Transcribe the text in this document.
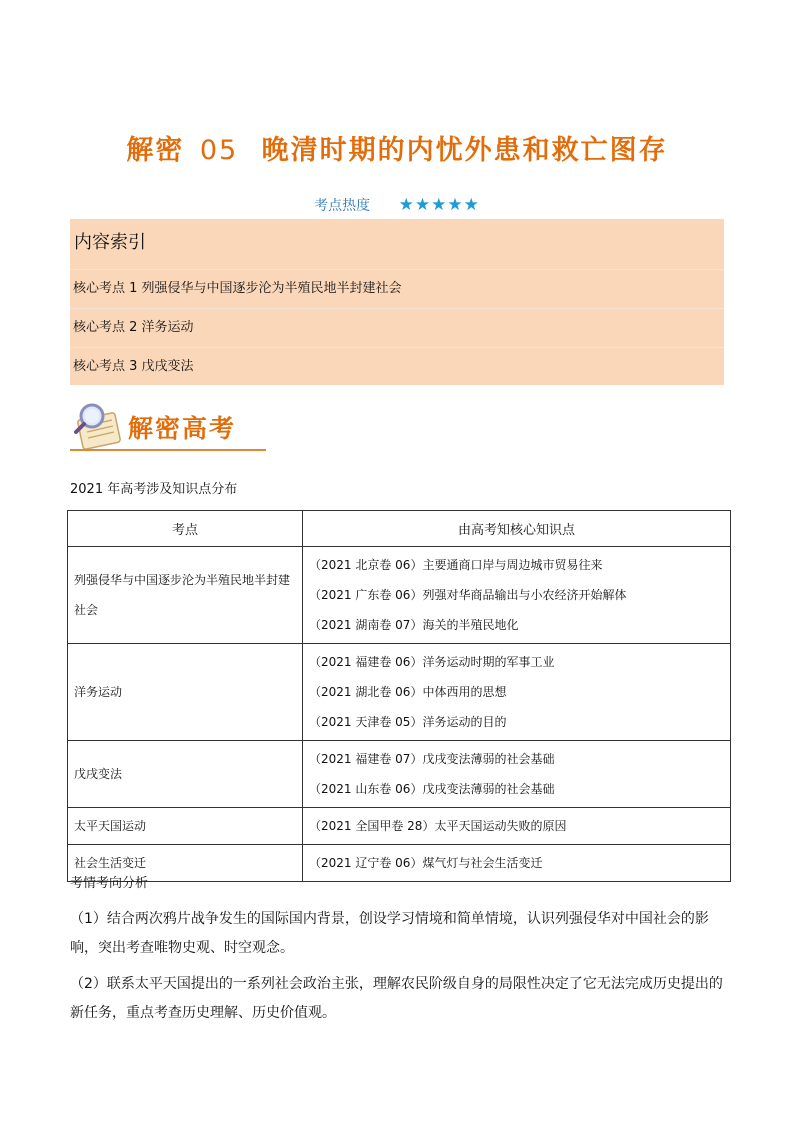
解密 05 晚清时期的内忧外患和救亡图存
考点热度 ★★★★★
内容索引
核心考点 1 列强侵华与中国逐步沦为半殖民地半封建社会
核心考点 2 洋务运动
核心考点 3 戊戌变法
解密高考
2021 年高考涉及知识点分布
考点	由高考知核心知识点
列强侵华与中国逐步沦为半殖民地半封建社会	（2021 北京卷 06）主要通商口岸与周边城市贸易往来
（2021 广东卷 06）列强对华商品输出与小农经济开始解体
（2021 湖南卷 07）海关的半殖民地化

洋务运动	（2021 福建卷 06）洋务运动时期的军事工业
（2021 湖北卷 06）中体西用的思想
（2021 天津卷 05）洋务运动的目的

戊戌变法	（2021 福建卷 07）戊戌变法薄弱的社会基础
（2021 山东卷 06）戊戌变法薄弱的社会基础

太平天国运动	（2021 全国甲卷 28）太平天国运动失败的原因

社会生活变迁	（2021 辽宁卷 06）煤气灯与社会生活变迁
考情考向分析
（1）结合两次鸦片战争发生的国际国内背景，创设学习情境和简单情境，认识列强侵华对中国社会的影响，突出考查唯物史观、时空观念。
（2）联系太平天国提出的一系列社会政治主张，理解农民阶级自身的局限性决定了它无法完成历史提出的新任务，重点考查历史理解、历史价值观。
